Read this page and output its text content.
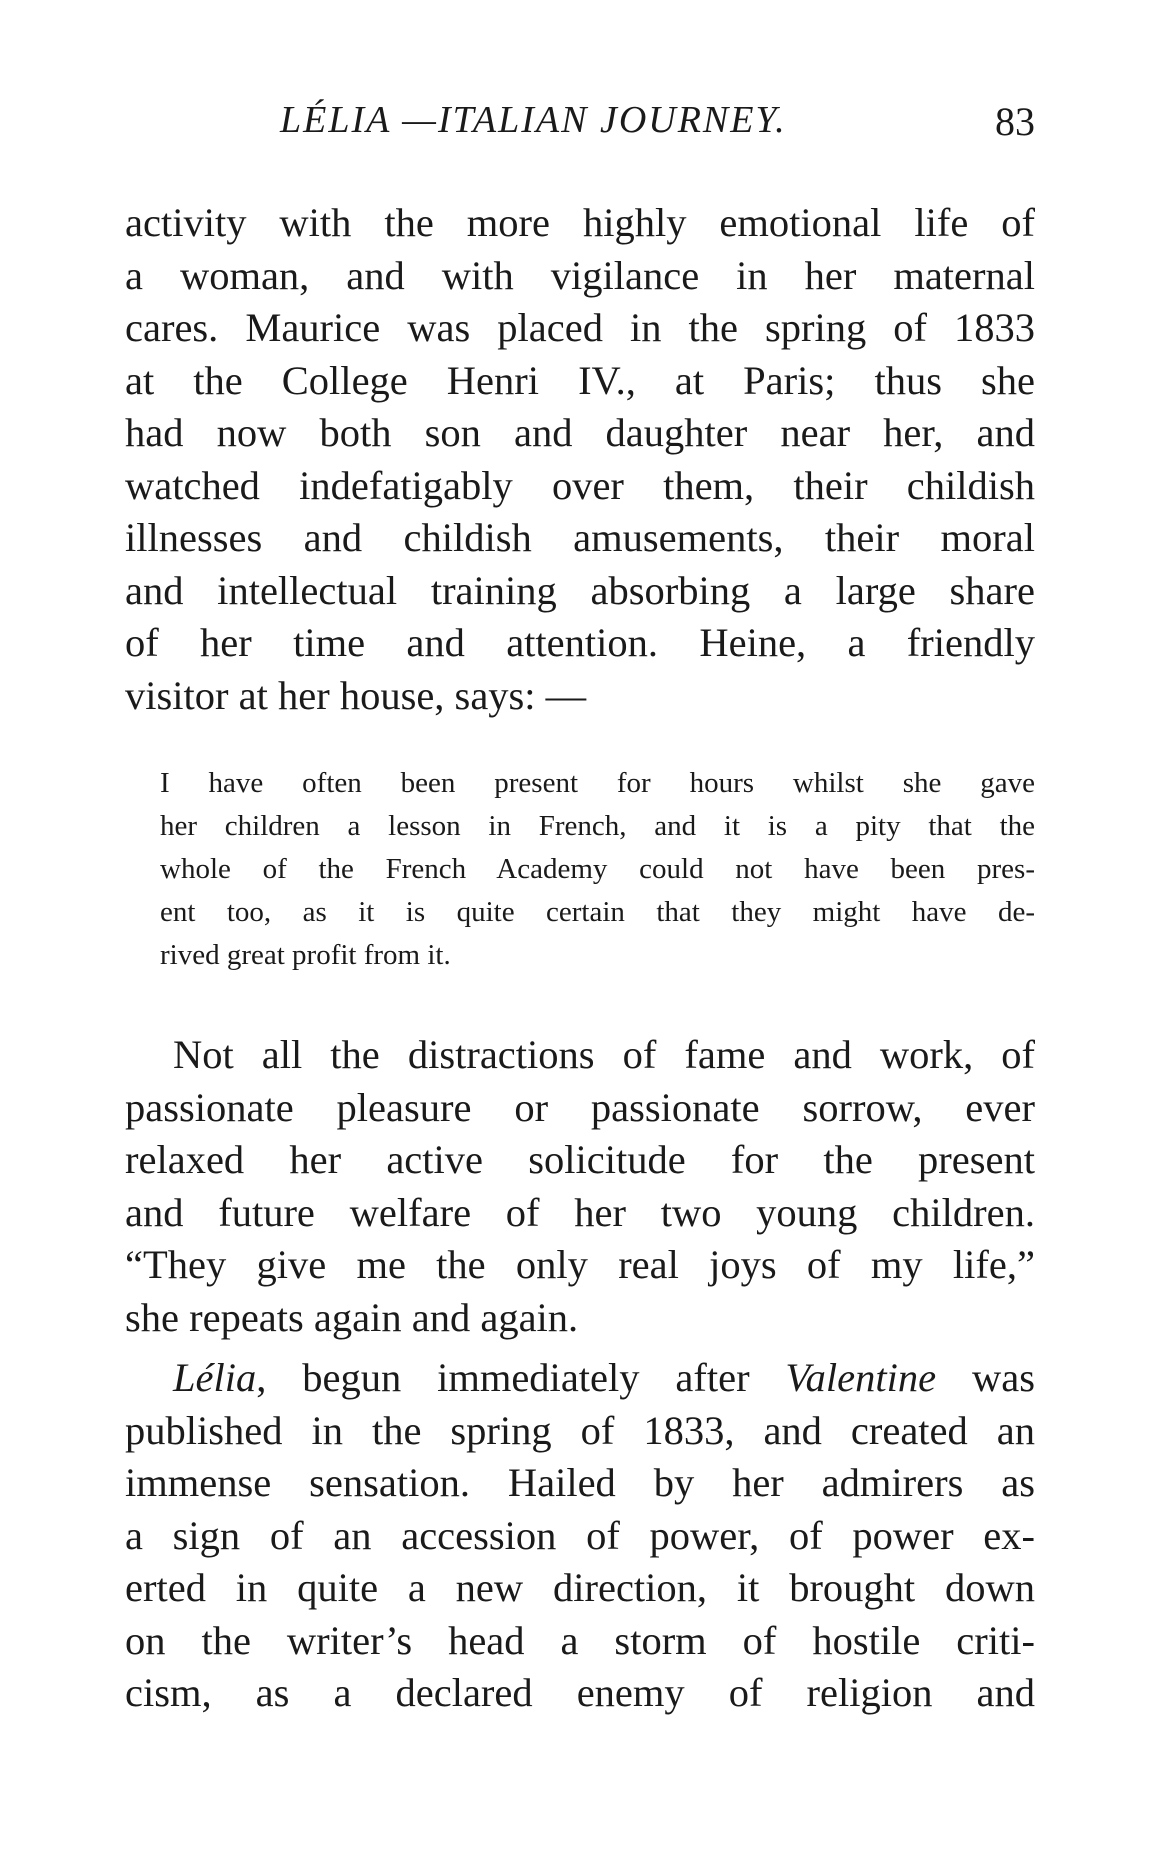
LÉLIA —ITALIAN JOURNEY.	83
activity with the more highly emotional life of
a woman, and with vigilance in her maternal
cares. Maurice was placed in the spring of 1833
at the College Henri IV., at Paris; thus she
had now both son and daughter near her, and
watched indefatigably over them, their childish
illnesses and childish amusements, their moral
and intellectual training absorbing a large share
of her time and attention. Heine, a friendly
visitor at her house, says: —
I have often been present for hours whilst she gave
her children a lesson in French, and it is a pity that the
whole of the French Academy could not have been pres-
ent too, as it is quite certain that they might have de-
rived great profit from it.
Not all the distractions of fame and work, of
passionate pleasure or passionate sorrow, ever
relaxed her active solicitude for the present
and future welfare of her two young children.
“They give me the only real joys of my life,”
she repeats again and again.
Lélia, begun immediately after Valentine was
published in the spring of 1833, and created an
immense sensation. Hailed by her admirers as
a sign of an accession of power, of power ex-
erted in quite a new direction, it brought down
on the writer’s head a storm of hostile criti-
cism, as a declared enemy of religion and
